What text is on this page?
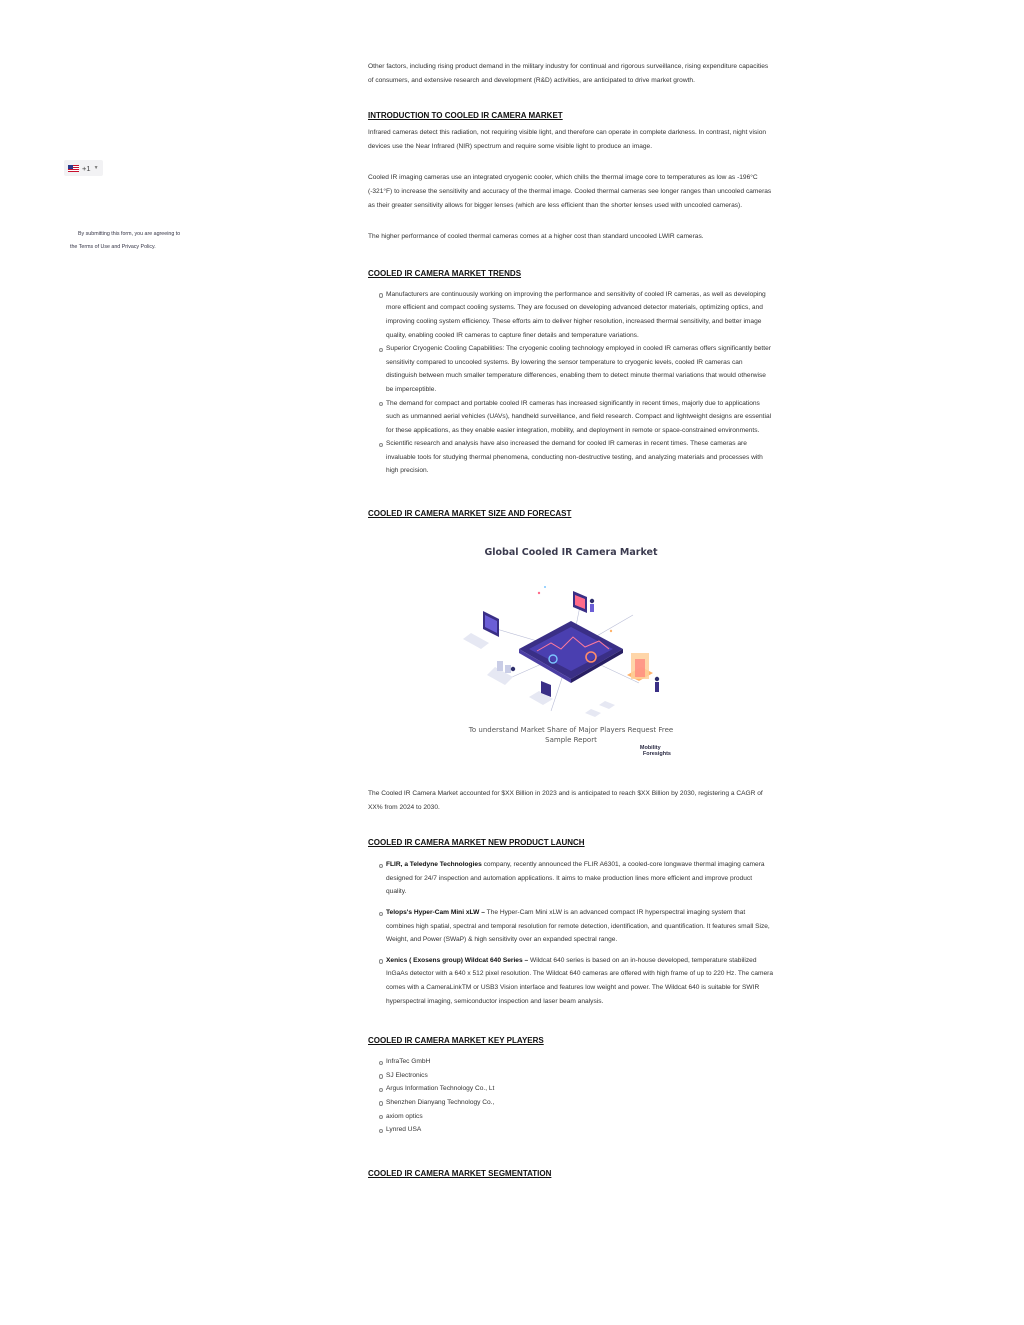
+1 ▼
By submitting this form, you are agreeing to
the Terms of Use and Privacy Policy.

Other factors, including rising product demand in the military industry for continual and rigorous surveillance, rising expenditure capacities of consumers, and extensive research and development (R&D) activities, are anticipated to drive market growth.

INTRODUCTION TO COOLED IR CAMERA MARKET

Infrared cameras detect this radiation, not requiring visible light, and therefore can operate in complete darkness. In contrast, night vision devices use the Near Infrared (NIR) spectrum and require some visible light to produce an image.

Cooled IR imaging cameras use an integrated cryogenic cooler, which chills the thermal image core to temperatures as low as -196°C (-321°F) to increase the sensitivity and accuracy of the thermal image. Cooled thermal cameras see longer ranges than uncooled cameras as their greater sensitivity allows for bigger lenses (which are less efficient than the shorter lenses used with uncooled cameras).

The higher performance of cooled thermal cameras comes at a higher cost than standard uncooled LWIR cameras.

COOLED IR CAMERA MARKET TRENDS
Manufacturers are continuously working on improving the performance and sensitivity of cooled IR cameras, as well as developing more efficient and compact cooling systems. They are focused on developing advanced detector materials, optimizing optics, and improving cooling system efficiency. These efforts aim to deliver higher resolution, increased thermal sensitivity, and better image quality, enabling cooled IR cameras to capture finer details and temperature variations.
Superior Cryogenic Cooling Capabilities: The cryogenic cooling technology employed in cooled IR cameras offers significantly better sensitivity compared to uncooled systems. By lowering the sensor temperature to cryogenic levels, cooled IR cameras can distinguish between much smaller temperature differences, enabling them to detect minute thermal variations that would otherwise be imperceptible.
The demand for compact and portable cooled IR cameras has increased significantly in recent times, majorly due to applications such as unmanned aerial vehicles (UAVs), handheld surveillance, and field research. Compact and lightweight designs are essential for these applications, as they enable easier integration, mobility, and deployment in remote or space-constrained environments.
Scientific research and analysis have also increased the demand for cooled IR cameras in recent times. These cameras are invaluable tools for studying thermal phenomena, conducting non-destructive testing, and analyzing materials and processes with high precision.
COOLED IR CAMERA MARKET SIZE AND FORECAST
Global Cooled IR Camera Market
To understand Market Share of Major Players Request Free
Sample Report
Mobility
Foresights

The Cooled IR Camera Market accounted for $XX Billion in 2023 and is anticipated to reach $XX Billion by 2030, registering a CAGR of XX% from 2024 to 2030.

COOLED IR CAMERA MARKET NEW PRODUCT LAUNCH
FLIR, a Teledyne Technologies company, recently announced the FLIR A6301, a cooled-core longwave thermal imaging camera designed for 24/7 inspection and automation applications. It aims to make production lines more efficient and improve product quality.
Telops's Hyper-Cam Mini xLW – The Hyper-Cam Mini xLW is an advanced compact IR hyperspectral imaging system that combines high spatial, spectral and temporal resolution for remote detection, identification, and quantification. It features small Size, Weight, and Power (SWaP) & high sensitivity over an expanded spectral range.
Xenics ( Exosens group) Wildcat 640 Series – Wildcat 640 series is based on an in-house developed, temperature stabilized InGaAs detector with a 640 x 512 pixel resolution. The Wildcat 640 cameras are offered with high frame of up to 220 Hz. The camera comes with a CameraLinkTM or USB3 Vision interface and features low weight and power. The Wildcat 640 is suitable for SWIR hyperspectral imaging, semiconductor inspection and laser beam analysis.
COOLED IR CAMERA MARKET KEY PLAYERS
InfraTec GmbH
SJ Electronics
Argus Information Technology Co., Lt
Shenzhen Dianyang Technology Co.,
axiom optics
Lynred USA
COOLED IR CAMERA MARKET SEGMENTATION
